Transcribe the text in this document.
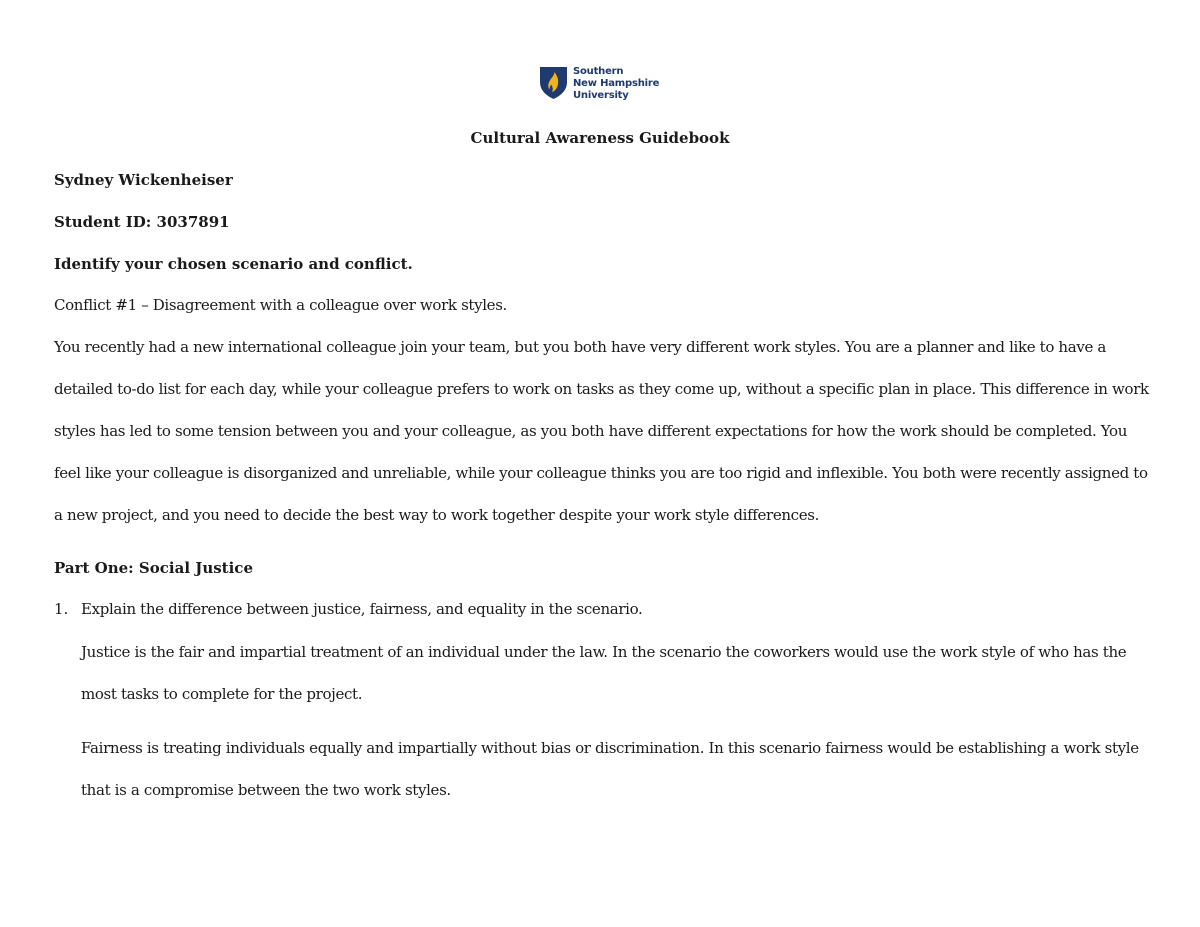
Southern
New Hampshire
University
Cultural Awareness Guidebook
Sydney Wickenheiser
Student ID: 3037891
Identify your chosen scenario and conflict.
Conflict #1 – Disagreement with a colleague over work styles.
You recently had a new international colleague join your team, but you both have very different work styles. You are a planner and like to have a detailed to-do list for each day, while your colleague prefers to work on tasks as they come up, without a specific plan in place. This difference in work styles has led to some tension between you and your colleague, as you both have different expectations for how the work should be completed. You feel like your colleague is disorganized and unreliable, while your colleague thinks you are too rigid and inflexible. You both were recently assigned to a new project, and you need to decide the best way to work together despite your work style differences.
Part One: Social Justice
1. Explain the difference between justice, fairness, and equality in the scenario.
Justice is the fair and impartial treatment of an individual under the law. In the scenario the coworkers would use the work style of who has the most tasks to complete for the project.
Fairness is treating individuals equally and impartially without bias or discrimination. In this scenario fairness would be establishing a work style that is a compromise between the two work styles.
